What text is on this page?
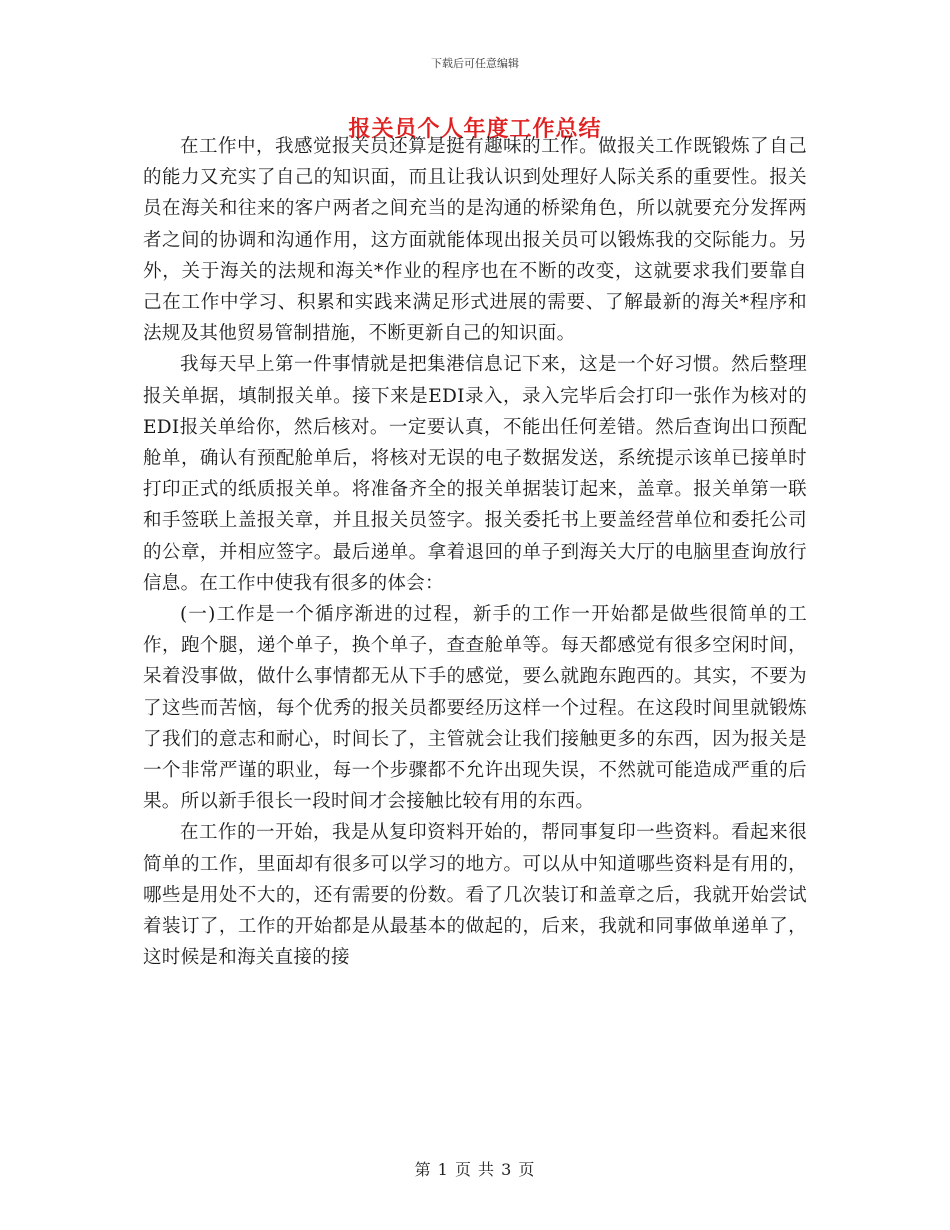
下载后可任意编辑
报关员个人年度工作总结

在工作中，我感觉报关员还算是挺有趣味的工作。做报关工作既锻炼了自己的能力又充实了自己的知识面，而且让我认识到处理好人际关系的重要性。报关员在海关和往来的客户两者之间充当的是沟通的桥梁角色，所以就要充分发挥两者之间的协调和沟通作用，这方面就能体现出报关员可以锻炼我的交际能力。另外，关于海关的法规和海关*作业的程序也在不断的改变，这就要求我们要靠自己在工作中学习、积累和实践来满足形式进展的需要、了解最新的海关*程序和法规及其他贸易管制措施，不断更新自己的知识面。

我每天早上第一件事情就是把集港信息记下来，这是一个好习惯。然后整理报关单据，填制报关单。接下来是EDI录入，录入完毕后会打印一张作为核对的EDI报关单给你，然后核对。一定要认真，不能出任何差错。然后查询出口预配舱单，确认有预配舱单后，将核对无误的电子数据发送，系统提示该单已接单时打印正式的纸质报关单。将准备齐全的报关单据装订起来，盖章。报关单第一联和手签联上盖报关章，并且报关员签字。报关委托书上要盖经营单位和委托公司的公章，并相应签字。最后递单。拿着退回的单子到海关大厅的电脑里查询放行信息。在工作中使我有很多的体会：

(一)工作是一个循序渐进的过程，新手的工作一开始都是做些很简单的工作，跑个腿，递个单子，换个单子，查查舱单等。每天都感觉有很多空闲时间，呆着没事做，做什么事情都无从下手的感觉，要么就跑东跑西的。其实，不要为了这些而苦恼，每个优秀的报关员都要经历这样一个过程。在这段时间里就锻炼了我们的意志和耐心，时间长了，主管就会让我们接触更多的东西，因为报关是一个非常严谨的职业，每一个步骤都不允许出现失误，不然就可能造成严重的后果。所以新手很长一段时间才会接触比较有用的东西。

在工作的一开始，我是从复印资料开始的，帮同事复印一些资料。看起来很简单的工作，里面却有很多可以学习的地方。可以从中知道哪些资料是有用的，哪些是用处不大的，还有需要的份数。看了几次装订和盖章之后，我就开始尝试着装订了，工作的开始都是从最基本的做起的，后来，我就和同事做单递单了，这时候是和海关直接的接

第 1 页 共 3 页
